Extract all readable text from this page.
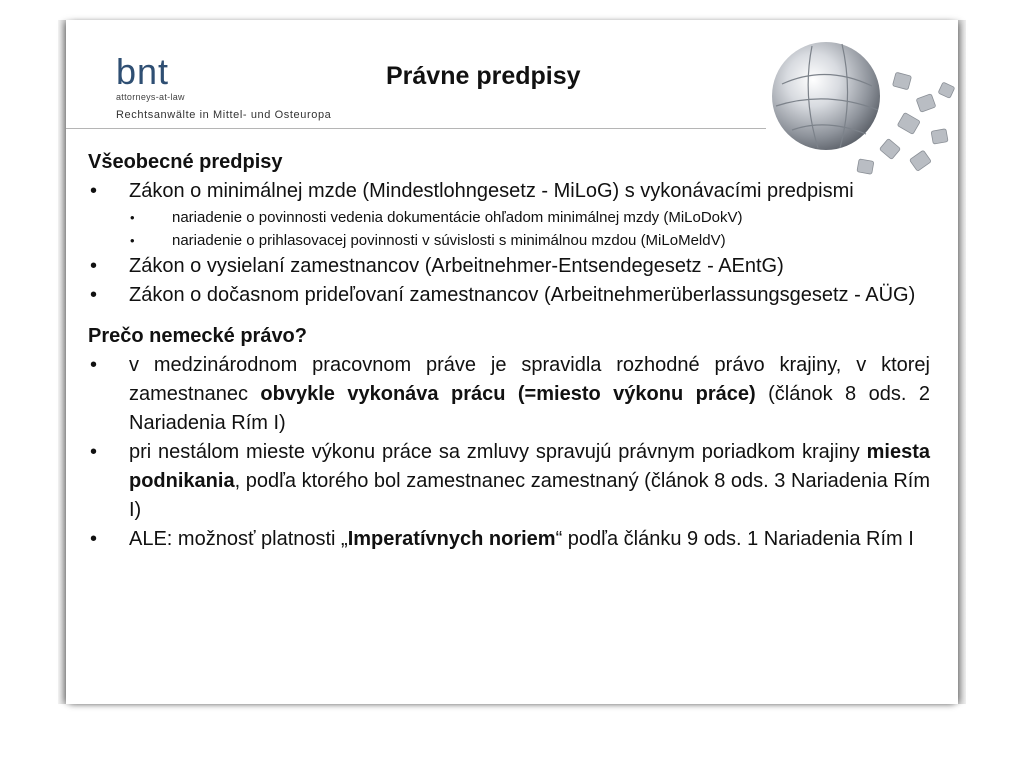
bnt
attorneys-at-law
Rechtsanwälte in Mittel- und Osteuropa
Právne predpisy

Všeobecné predpisy

• Zákon o minimálnej mzde (Mindestlohngesetz - MiLoG) s vykonávacími predpismi
• nariadenie o povinnosti vedenia dokumentácie ohľadom minimálnej mzdy (MiLoDokV)
• nariadenie o prihlasovacej povinnosti v súvislosti s minimálnou mzdou (MiLoMeldV)
• Zákon o vysielaní zamestnancov (Arbeitnehmer-Entsendegesetz - AEntG)
• Zákon o dočasnom prideľovaní zamestnancov (Arbeitnehmerüberlassungsgesetz - AÜG)

Prečo nemecké právo?

• v medzinárodnom pracovnom práve je spravidla rozhodné právo krajiny, v ktorej zamestnanec obvykle vykonáva prácu (=miesto výkonu práce) (článok 8 ods. 2 Nariadenia Rím I)
• pri nestálom mieste výkonu práce sa zmluvy spravujú právnym poriadkom krajiny miesta podnikania, podľa ktorého bol zamestnanec zamestnaný (článok 8 ods. 3 Nariadenia Rím I)
• ALE: možnosť platnosti „Imperatívnych noriem“ podľa článku 9 ods. 1 Nariadenia Rím I
